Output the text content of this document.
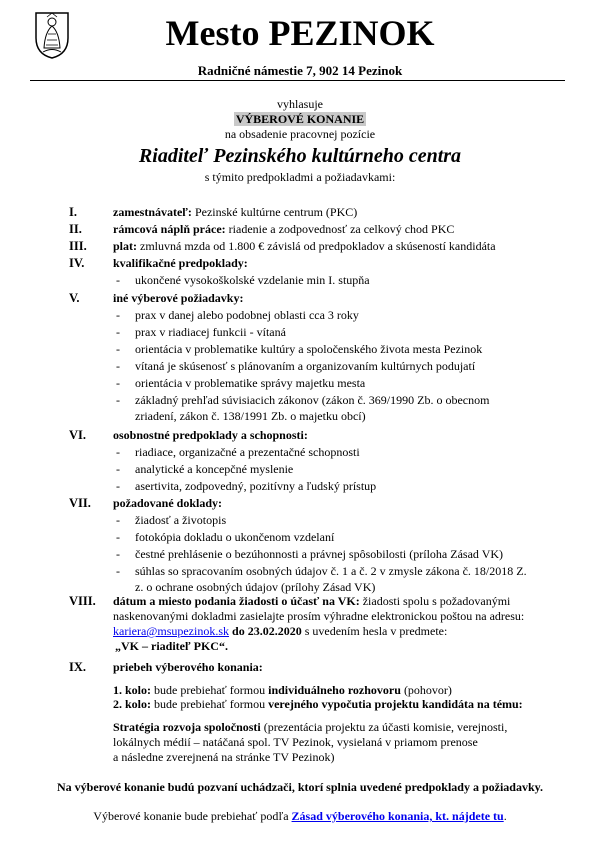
Mesto PEZINOK
Radničné námestie 7, 902 14 Pezinok
vyhlasuje
VÝBEROVÉ KONANIE
na obsadenie pracovnej pozície
Riaditeľ Pezinského kultúrneho centra
s týmito predpokladmi a požiadavkami:
I.	zamestnávateľ: Pezinské kultúrne centrum (PKC)
II.	rámcová náplň práce: riadenie a zodpovednosť za celkový chod PKC
III. plat: zmluvná mzda od 1.800 € závislá od predpokladov a skúseností kandidáta
IV. kvalifikačné predpoklady:
- ukončené vysokoškolské vzdelanie min I. stupňa
V.	iné výberové požiadavky:
- prax v danej alebo podobnej oblasti cca 3 roky
- prax v riadiacej funkcii - vítaná
- orientácia v problematike kultúry a spoločenského života mesta Pezinok
- vítaná je skúsenosť s plánovaním a organizovaním kultúrnych podujatí
- orientácia v problematike správy majetku mesta
- základný prehľad súvisiacich zákonov (zákon č. 369/1990 Zb. o obecnom
zriadení, zákon č. 138/1991 Zb. o majetku obcí)
VI. osobnostné predpoklady a schopnosti:
- riadiace, organizačné a prezentačné schopnosti
- analytické a koncepčné myslenie
- asertivita, zodpovedný, pozitívny a ľudský prístup
VII. požadované doklady:
- žiadosť a životopis
- fotokópia dokladu o ukončenom vzdelaní
- čestné prehlásenie o bezúhonnosti a právnej spôsobilosti (príloha Zásad VK)
- súhlas so spracovaním osobných údajov č. 1 a č. 2 v zmysle zákona č. 18/2018 Z.
z. o ochrane osobných údajov (prílohy Zásad VK)
VIII. dátum a miesto podania žiadosti o účasť na VK: žiadosti spolu s požadovanými
naskenovanými dokladmi zasielajte prosím výhradne elektronickou poštou na adresu:
kariera@msupezinok.sk do 23.02.2020 s uvedením hesla v predmete:
„VK – riaditeľ PKC“.
IX. priebeh výberového konania:
1. kolo: bude prebiehať formou individuálneho rozhovoru (pohovor)
2. kolo: bude prebiehať formou verejného vypočutia projektu kandidáta na tému:
Stratégia rozvoja spoločnosti (prezentácia projektu za účasti komisie, verejnosti,
lokálnych médií – natáčaná spol. TV Pezinok, vysielaná v priamom prenose
a následne zverejnená na stránke TV Pezinok)
Na výberové konanie budú pozvaní uchádzači, ktorí splnia uvedené predpoklady a požiadavky.
Výberové konanie bude prebiehať podľa Zásad výberového konania, kt. nájdete tu.
